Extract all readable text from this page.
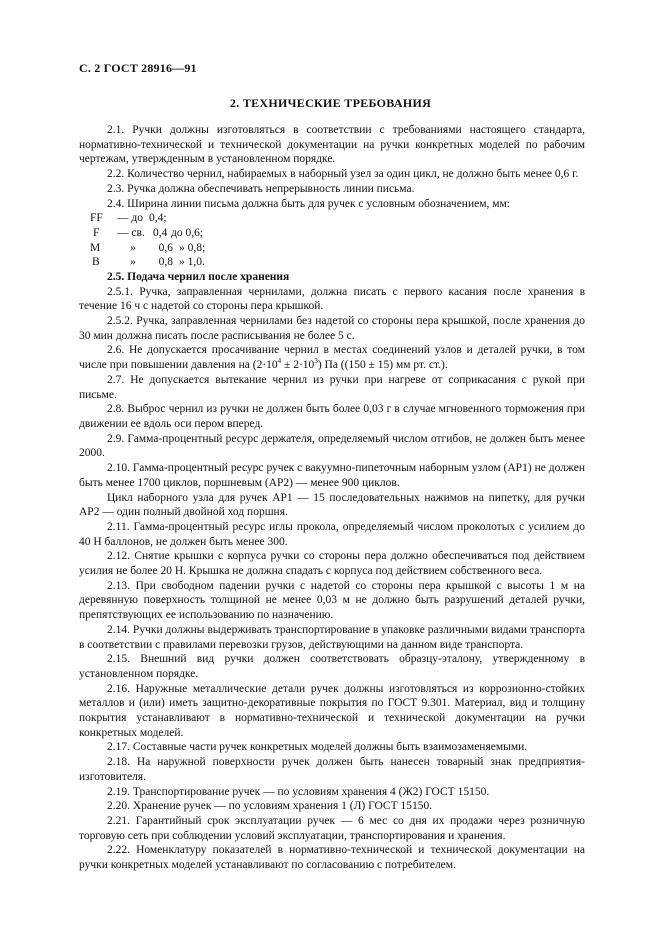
С. 2 ГОСТ 28916—91
2. ТЕХНИЧЕСКИЕ ТРЕБОВАНИЯ

2.1. Ручки должны изготовляться в соответствии с требованиями настоящего стандарта, нормативно-технической и технической документации на ручки конкретных моделей по рабочим чертежам, утвержденным в установленном порядке.

2.2. Количество чернил, набираемых в наборный узел за один цикл, не должно быть менее 0,6 г.

2.3. Ручка должна обеспечивать непрерывность линии письма.

2.4. Ширина линии письма должна быть для ручек с условным обозначением, мм:

FF	— до 0,4;
F	— св. 0,4 до 0,6;
M	»	0,6 » 0,8;
B	»	0,8 » 1,0.

2.5. Подача чернил после хранения

2.5.1. Ручка, заправленная чернилами, должна писать с первого касания после хранения в течение 16 ч с надетой со стороны пера крышкой.

2.5.2. Ручка, заправленная чернилами без надетой со стороны пера крышкой, после хранения до 30 мин должна писать после расписывания не более 5 с.

2.6. Не допускается просачивание чернил в местах соединений узлов и деталей ручки, в том числе при повышении давления на $(2\cdot 10^4 \pm 2\cdot 10^3)$ Па ((150 ± 15) мм рт. ст.).

2.7. Не допускается вытекание чернил из ручки при нагреве от соприкасания с рукой при письме.

2.8. Выброс чернил из ручки не должен быть более 0,03 г в случае мгновенного торможения при движении ее вдоль оси пером вперед.

2.9. Гамма-процентный ресурс держателя, определяемый числом отгибов, не должен быть менее 2000.

2.10. Гамма-процентный ресурс ручек с вакуумно-пипеточным наборным узлом (АР1) не должен быть менее 1700 циклов, поршневым (АР2) — менее 900 циклов.

Цикл наборного узла для ручек АР1 — 15 последовательных нажимов на пипетку, для ручки АР2 — один полный двойной ход поршня.

2.11. Гамма-процентный ресурс иглы прокола, определяемый числом проколотых с усилием до 40 Н баллонов, не должен быть менее 300.

2.12. Снятие крышки с корпуса ручки со стороны пера должно обеспечиваться под действием усилия не более 20 Н. Крышка не должна спадать с корпуса под действием собственного веса.

2.13. При свободном падении ручки с надетой со стороны пера крышкой с высоты 1 м на деревянную поверхность толщиной не менее 0,03 м не должно быть разрушений деталей ручки, препятствующих ее использованию по назначению.

2.14. Ручки должны выдерживать транспортирование в упаковке различными видами транспорта в соответствии с правилами перевозки грузов, действующими на данном виде транспорта.

2.15. Внешний вид ручки должен соответствовать образцу-эталону, утвержденному в установленном порядке.

2.16. Наружные металлические детали ручек должны изготовляться из коррозионно-стойких металлов и (или) иметь защитно-декоративные покрытия по ГОСТ 9.301. Материал, вид и толщину покрытия устанавливают в нормативно-технической и технической документации на ручки конкретных моделей.

2.17. Составные части ручек конкретных моделей должны быть взаимозаменяемыми.

2.18. На наружной поверхности ручек должен быть нанесен товарный знак предприятия-изготовителя.

2.19. Транспортирование ручек — по условиям хранения 4 (Ж2) ГОСТ 15150.

2.20. Хранение ручек — по условиям хранения 1 (Л) ГОСТ 15150.

2.21. Гарантийный срок эксплуатации ручек — 6 мес со дня их продажи через розничную торговую сеть при соблюдении условий эксплуатации, транспортирования и хранения.

2.22. Номенклатуру показателей в нормативно-технической и технической документации на ручки конкретных моделей устанавливают по согласованию с потребителем.
